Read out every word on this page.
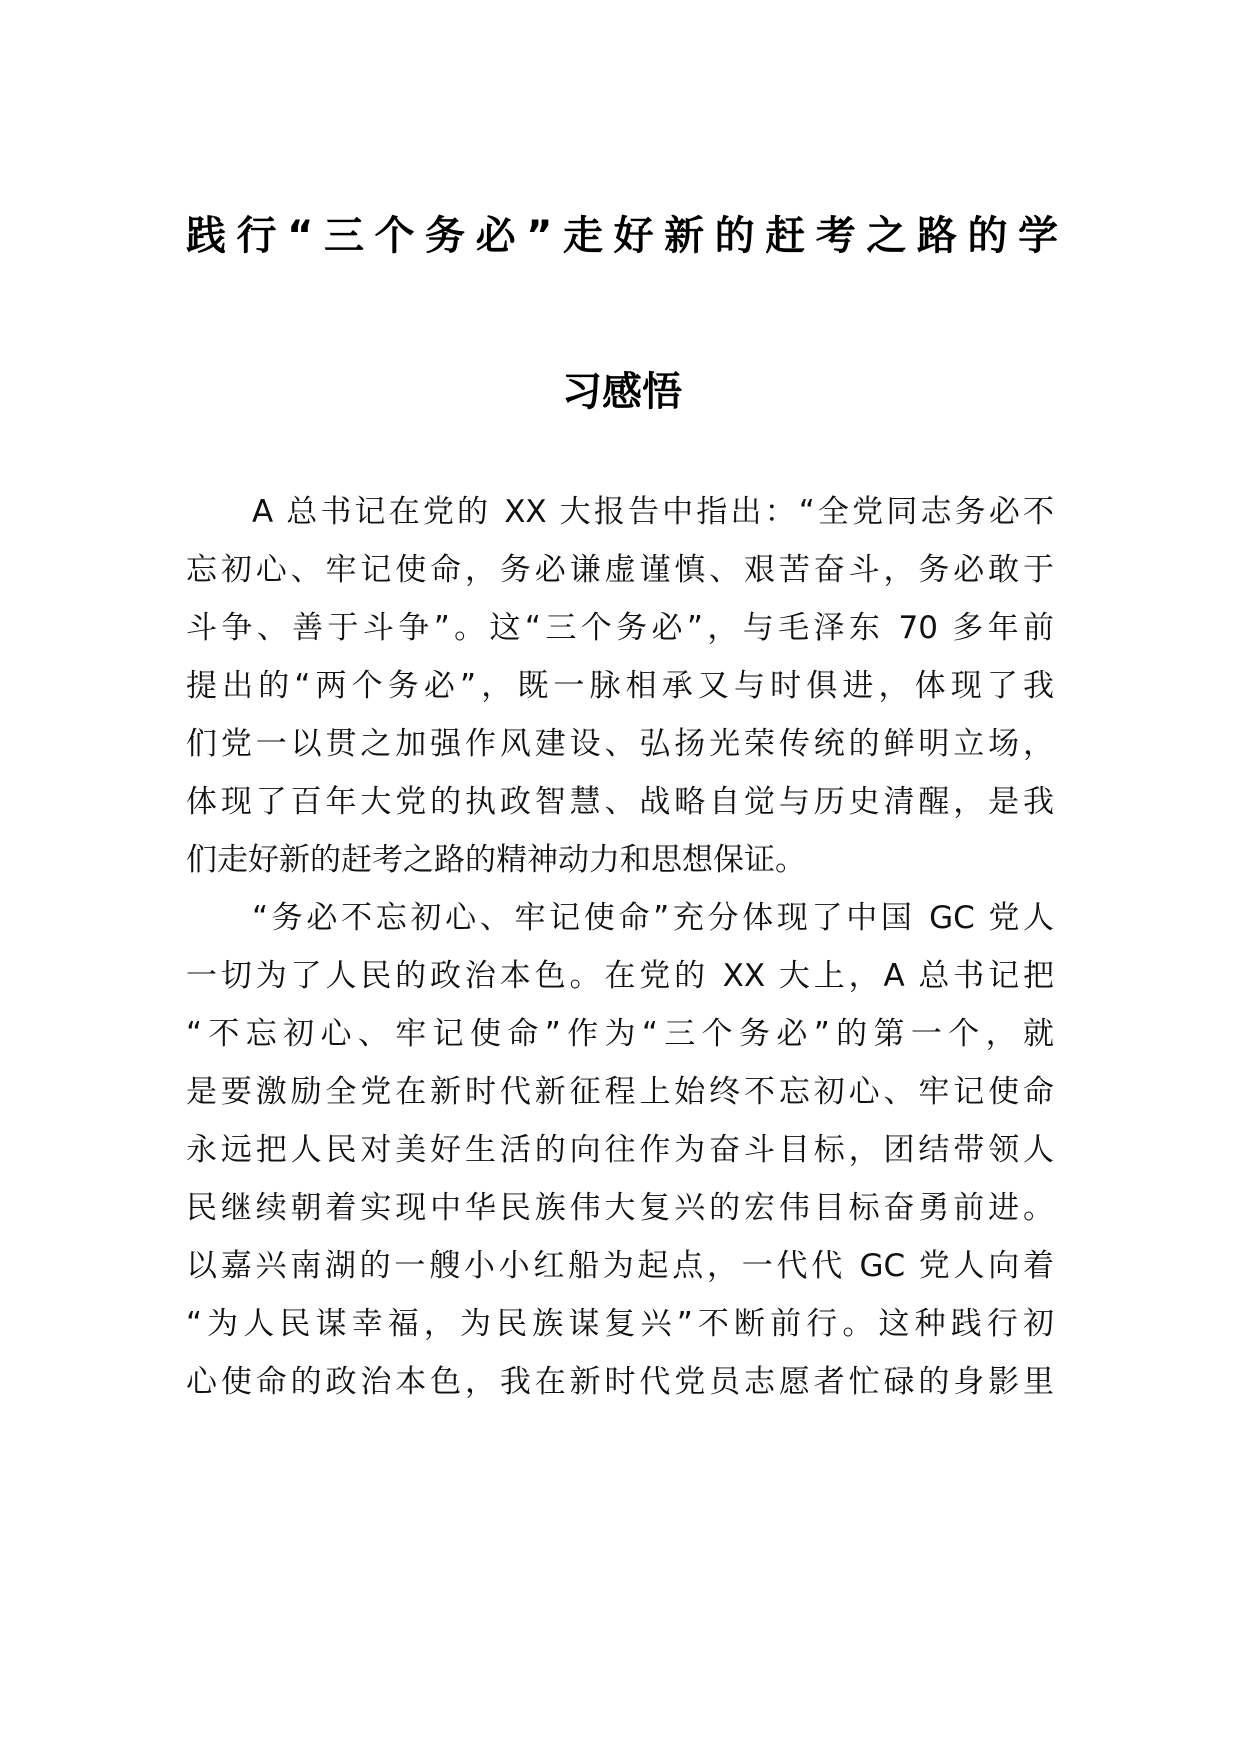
践行“三个务必”走好新的赶考之路的学
习感悟
A 总书记在党的 XX 大报告中指出：“全党同志务必不
忘初心、牢记使命，务必谦虚谨慎、艰苦奋斗，务必敢于
斗争、善于斗争”。这“三个务必”，与毛泽东 70 多年前
提出的“两个务必”，既一脉相承又与时俱进，体现了我
们党一以贯之加强作风建设、弘扬光荣传统的鲜明立场，
体现了百年大党的执政智慧、战略自觉与历史清醒，是我
们走好新的赶考之路的精神动力和思想保证。
“务必不忘初心、牢记使命”充分体现了中国 GC 党人
一切为了人民的政治本色。在党的 XX 大上，A 总书记把
“不忘初心、牢记使命”作为“三个务必”的第一个，就
是要激励全党在新时代新征程上始终不忘初心、牢记使命
永远把人民对美好生活的向往作为奋斗目标，团结带领人
民继续朝着实现中华民族伟大复兴的宏伟目标奋勇前进。
以嘉兴南湖的一艘小小红船为起点，一代代 GC 党人向着
“为人民谋幸福，为民族谋复兴”不断前行。这种践行初
心使命的政治本色，我在新时代党员志愿者忙碌的身影里
